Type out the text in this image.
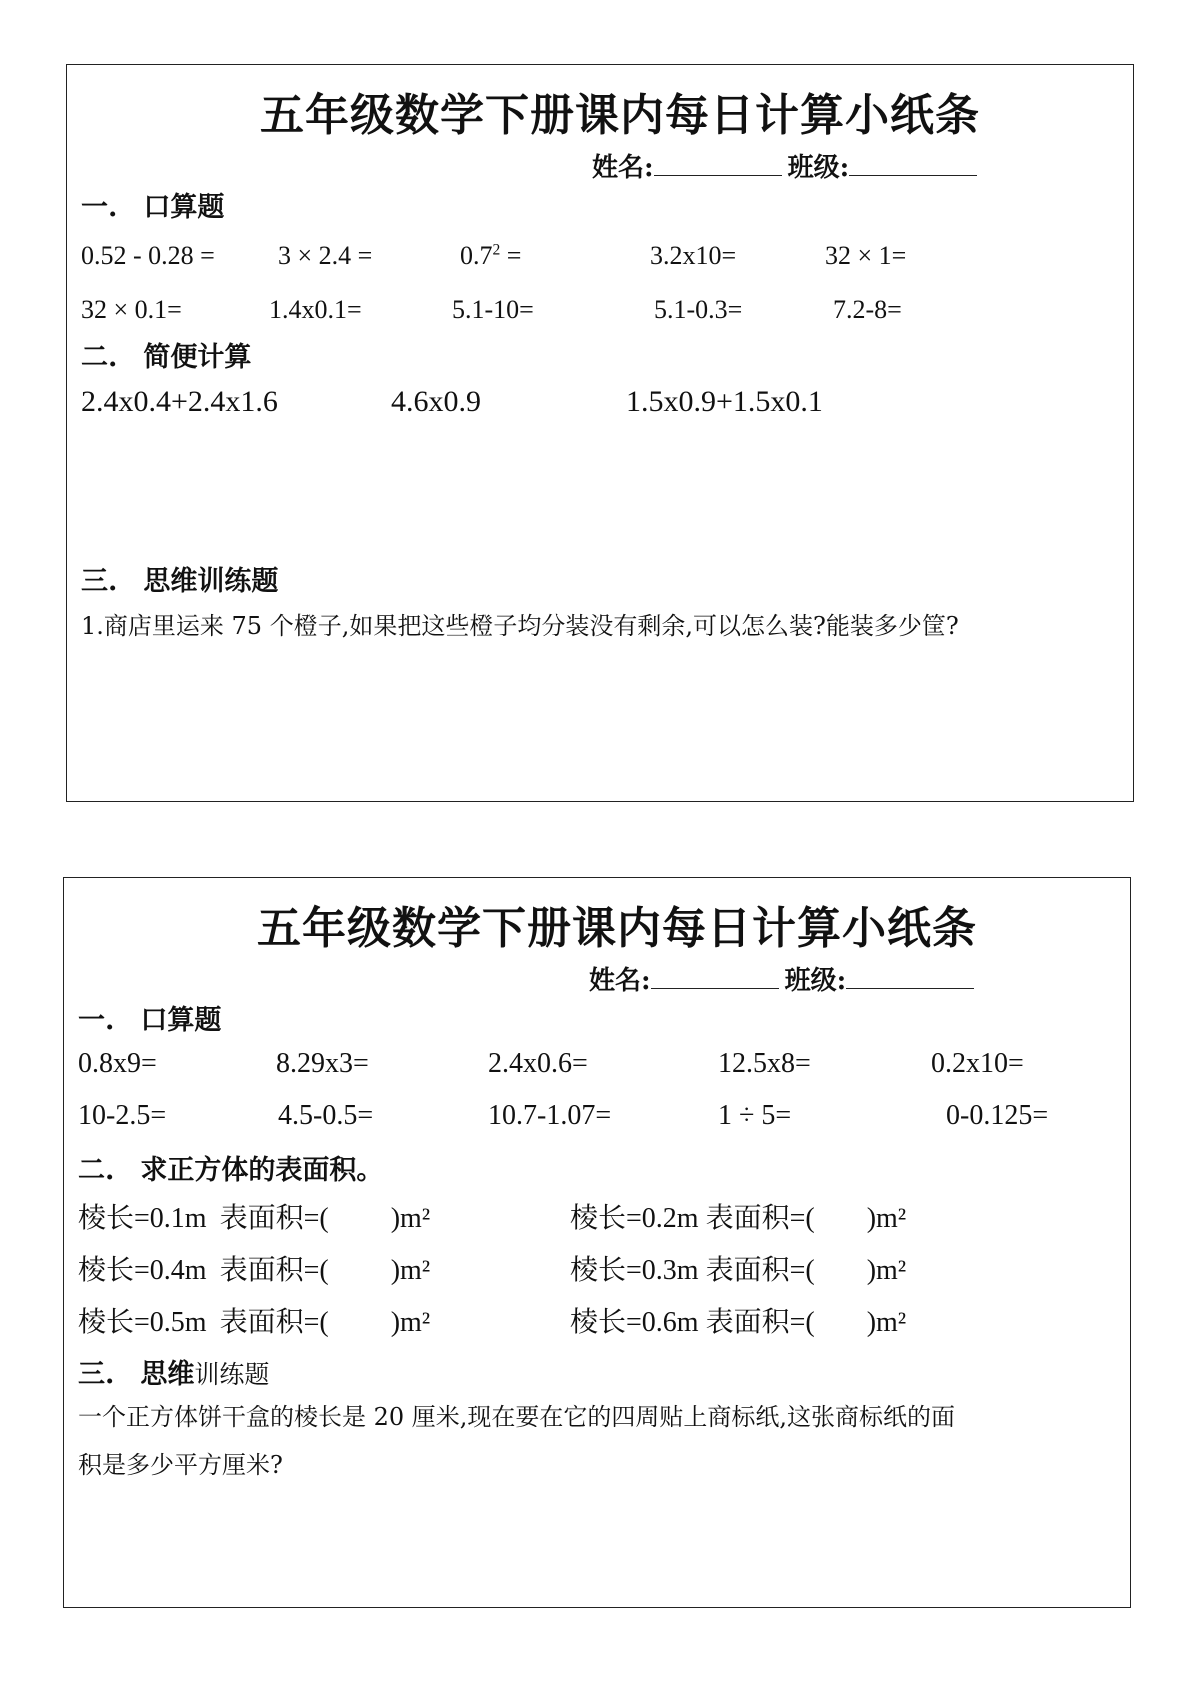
五年级数学下册课内每日计算小纸条
姓名:	班级:
一. 口算题
0.52 - 0.28 = 3 × 2.4 =	$0.7^2$ =	3.2x10=	32 × 1=
32 × 0.1=	1.4x0.1=	5.1-10=	5.1-0.3=	7.2-8=
二. 简便计算
2.4x0.4+2.4x1.6	4.6x0.9	1.5x0.9+1.5x0.1
三. 思维训练题
1.商店里运来 75 个橙子,如果把这些橙子均分装没有剩余,可以怎么装?能装多少筐?
五年级数学下册课内每日计算小纸条
姓名:	班级:
一. 口算题
0.8x9=	8.29x3=	2.4x0.6=	12.5x8=	0.2x10=
10-2.5=	4.5-0.5=	10.7-1.07=	1 ÷ 5=	0-0.125=
二. 求正方体的表面积。
棱长=0.1m 表面积=( )m²	棱长=0.2m 表面积=( )m²
棱长=0.4m 表面积=( )m²	棱长=0.3m 表面积=( )m²
棱长=0.5m 表面积=( )m²	棱长=0.6m 表面积=( )m²
三. 思维训练题
一个正方体饼干盒的棱长是 20 厘米,现在要在它的四周贴上商标纸,这张商标纸的面
积是多少平方厘米?
